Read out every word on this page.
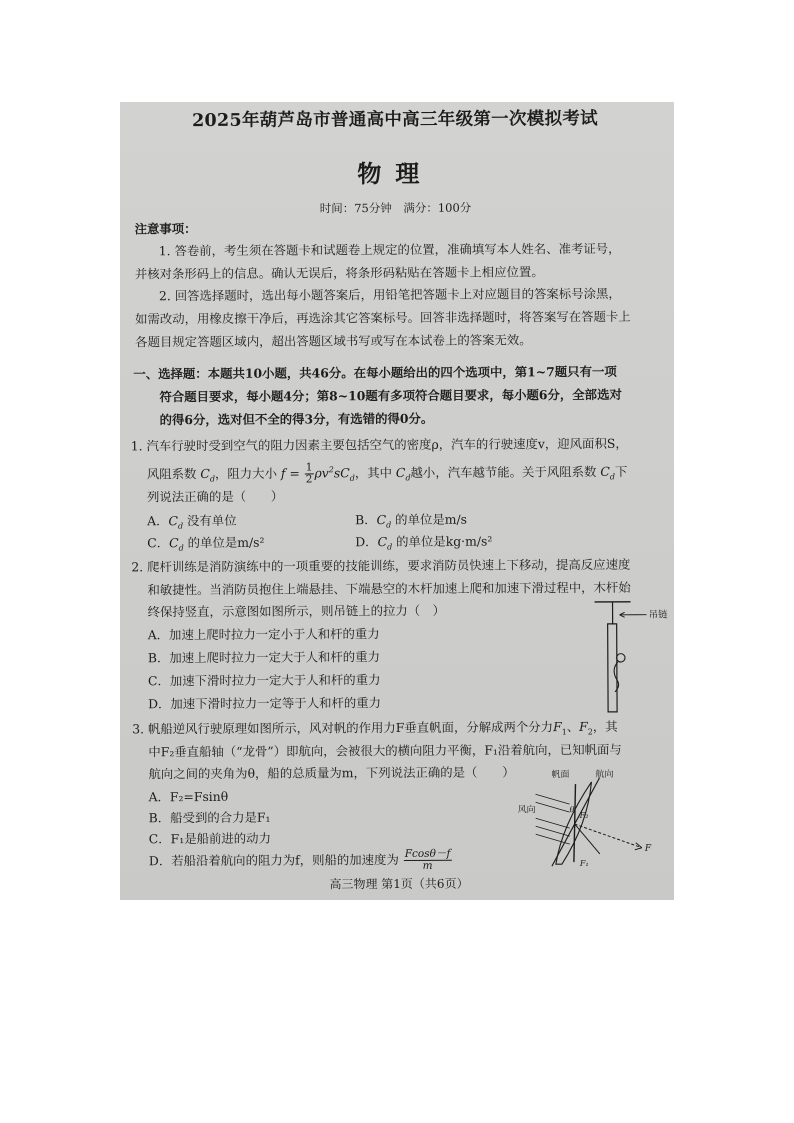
2025年葫芦岛市普通高中高三年级第一次模拟考试
物理
时间：75分钟　满分：100分
注意事项：
1. 答卷前，考生须在答题卡和试题卷上规定的位置，准确填写本人姓名、准考证号，
并核对条形码上的信息。确认无误后，将条形码粘贴在答题卡上相应位置。
2. 回答选择题时，选出每小题答案后，用铅笔把答题卡上对应题目的答案标号涂黑，
如需改动，用橡皮擦干净后，再选涂其它答案标号。回答非选择题时，将答案写在答题卡上
各题目规定答题区域内，超出答题区域书写或写在本试卷上的答案无效。
一、选择题：本题共10小题，共46分。在每小题给出的四个选项中，第1~7题只有一项
符合题目要求，每小题4分；第8~10题有多项符合题目要求，每小题6分，全部选对
的得6分，选对但不全的得3分，有选错的得0分。
1. 汽车行驶时受到空气的阻力因素主要包括空气的密度ρ，汽车的行驶速度v，迎风面积S，
风阻系数 $C_d$，阻力大小 $f = \frac{1}{2} \rho v^2sC_d$，其中 $C_d$越小，汽车越节能。关于风阻系数 $C_d$下
列说法正确的是（　　）
A．$C_d$ 没有单位	B．$C_d$ 的单位是m/s
C．$C_d$ 的单位是m/s²	D．$C_d$ 的单位是kg·m/s²
2. 爬杆训练是消防演练中的一项重要的技能训练，要求消防员快速上下移动，提高反应速度
和敏捷性。当消防员抱住上端悬挂、下端悬空的木杆加速上爬和加速下滑过程中，木杆始
终保持竖直，示意图如图所示，则吊链上的拉力（　）
A．加速上爬时拉力一定小于人和杆的重力
B．加速上爬时拉力一定大于人和杆的重力
C．加速下滑时拉力一定大于人和杆的重力
D．加速下滑时拉力一定等于人和杆的重力
吊链
3. 帆船逆风行驶原理如图所示，风对帆的作用力F垂直帆面，分解成两个分力$F_1$、$F_2$，其
中F₂垂直船轴（“龙骨”）即航向，会被很大的横向阻力平衡，F₁沿着航向，已知帆面与
航向之间的夹角为θ，船的总质量为m，下列说法正确的是（　　）
A．F₂=Fsinθ
B．船受到的合力是F₁
C．F₁是船前进的动力
D．若船沿着航向的阻力为f，则船的加速度为 $\frac{Fcos\theta-f}{m}$
帆面	航向
风向
F
F₁
F₂
θ
高三物理 第1页（共6页）
